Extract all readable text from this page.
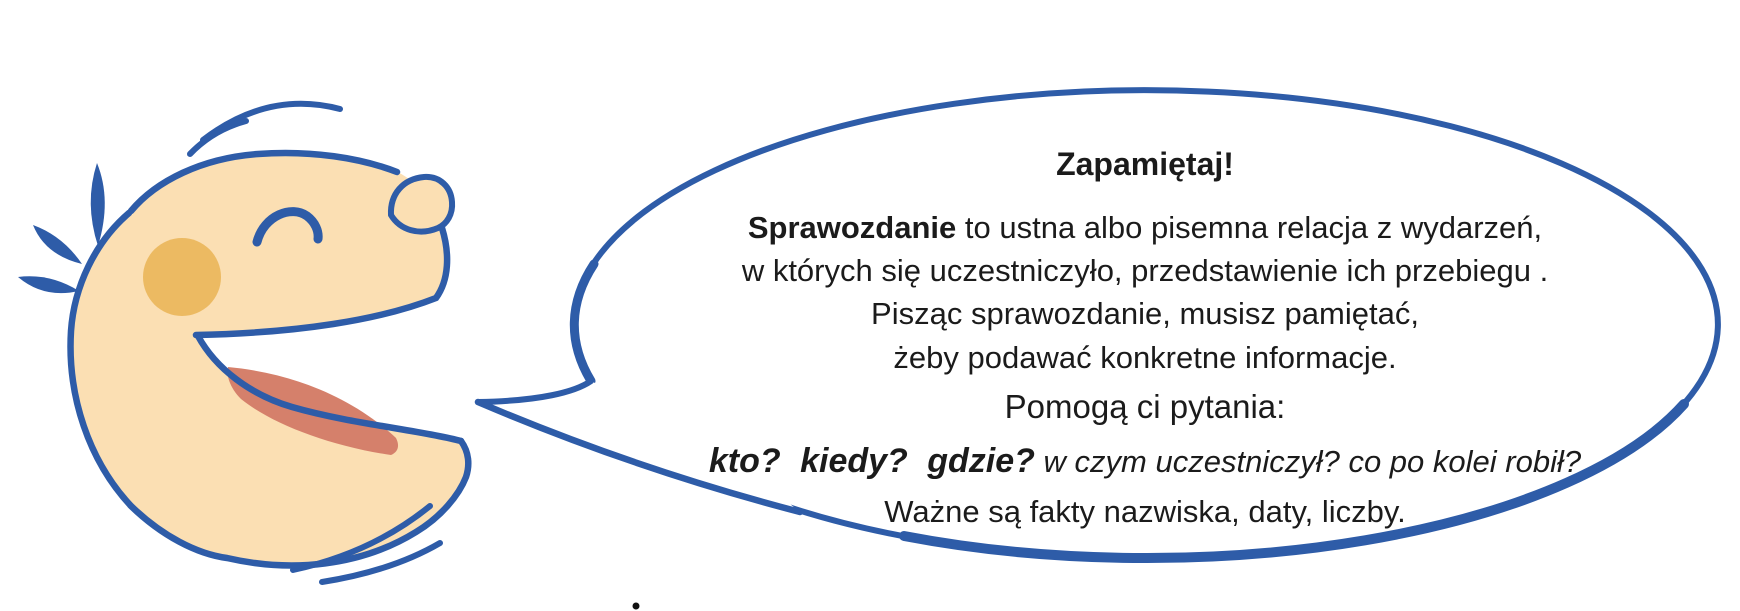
Zapamiętaj!
Sprawozdanie to ustna albo pisemna relacja z wydarzeń,
w których się uczestniczyło, przedstawienie ich przebiegu .
Pisząc sprawozdanie, musisz pamiętać,
żeby podawać konkretne informacje.
Pomogą ci pytania:
kto? kiedy? gdzie? w czym uczestniczył? co po kolei robił?
Ważne są fakty nazwiska, daty, liczby.
